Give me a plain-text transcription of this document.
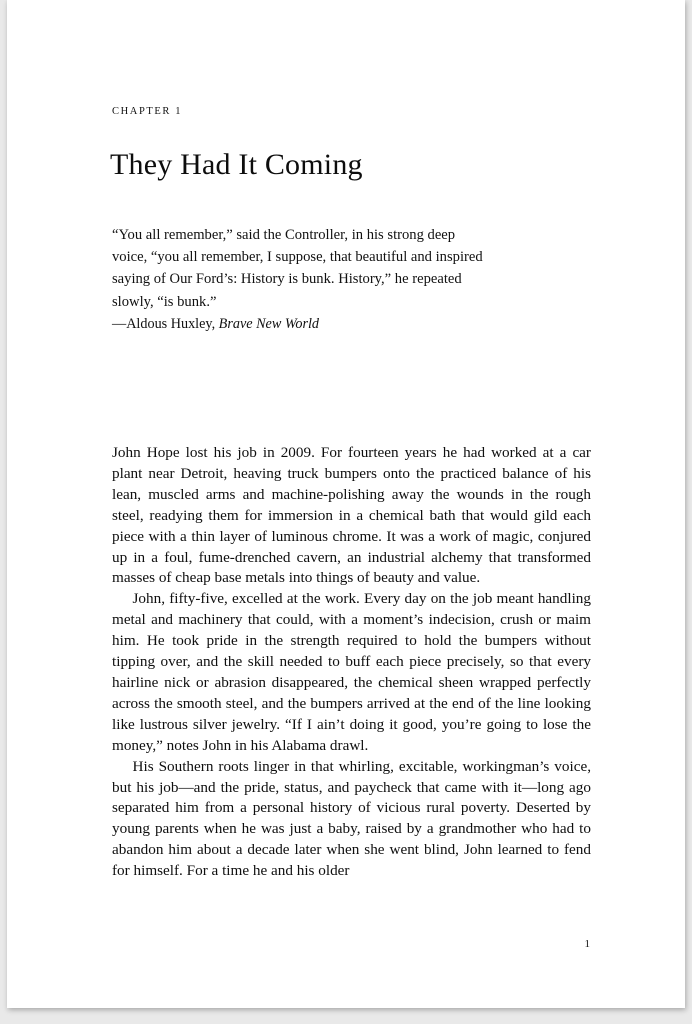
CHAPTER 1
They Had It Coming

“You all remember,” said the Controller, in his strong deep voice, “you all remember, I suppose, that beautiful and inspired saying of Our Ford’s: History is bunk. History,” he repeated slowly, “is bunk.”

—Aldous Huxley, Brave New World

John Hope lost his job in 2009. For fourteen years he had worked at a car plant near Detroit, heaving truck bumpers onto the practiced balance of his lean, muscled arms and machine-polishing away the wounds in the rough steel, readying them for immersion in a chemical bath that would gild each piece with a thin layer of luminous chrome. It was a work of magic, conjured up in a foul, fume-drenched cavern, an industrial alchemy that transformed masses of cheap base metals into things of beauty and value.

John, fifty-five, excelled at the work. Every day on the job meant handling metal and machinery that could, with a moment’s indecision, crush or maim him. He took pride in the strength required to hold the bumpers without tipping over, and the skill needed to buff each piece precisely, so that every hairline nick or abrasion disappeared, the chemical sheen wrapped perfectly across the smooth steel, and the bumpers arrived at the end of the line looking like lustrous silver jewelry. “If I ain’t doing it good, you’re going to lose the money,” notes John in his Alabama drawl.

His Southern roots linger in that whirling, excitable, workingman’s voice, but his job—and the pride, status, and paycheck that came with it—long ago separated him from a personal history of vicious rural poverty. Deserted by young parents when he was just a baby, raised by a grandmother who had to abandon him about a decade later when she went blind, John learned to fend for himself. For a time he and his older

1
